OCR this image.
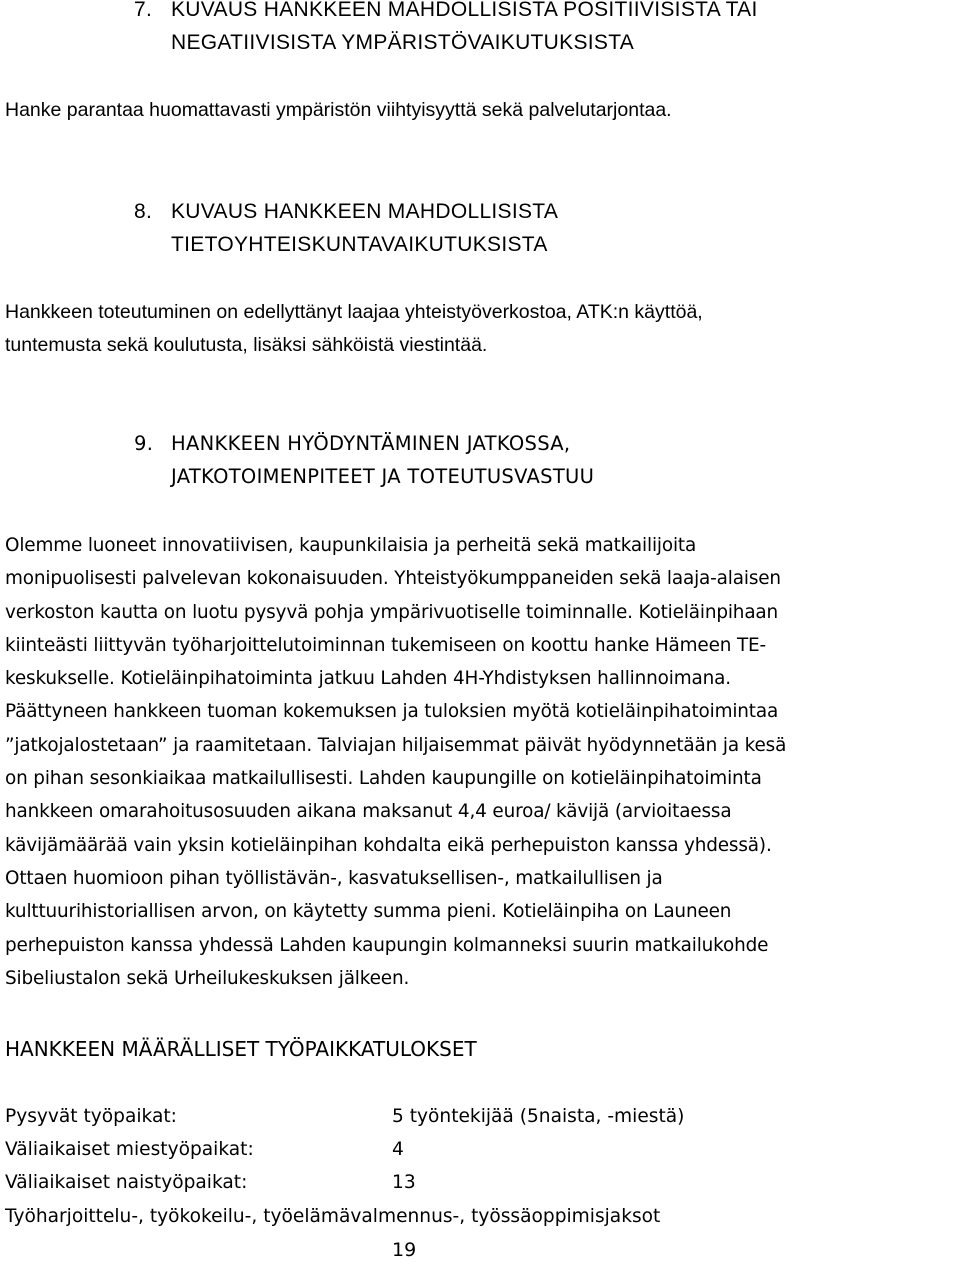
7. KUVAUS HANKKEEN MAHDOLLISISTA POSITIIVISISTA TAI
NEGATIIVISISTA YMPÄRISTÖVAIKUTUKSISTA
Hanke parantaa huomattavasti ympäristön viihtyisyyttä sekä palvelutarjontaa.
8. KUVAUS HANKKEEN MAHDOLLISISTA
TIETOYHTEISKUNTAVAIKUTUKSISTA
Hankkeen toteutuminen on edellyttänyt laajaa yhteistyöverkostoa, ATK:n käyttöä,
tuntemusta sekä koulutusta, lisäksi sähköistä viestintää.
9. HANKKEEN HYÖDYNTÄMINEN JATKOSSA,
JATKOTOIMENPITEET JA TOTEUTUSVASTUU
Olemme luoneet innovatiivisen, kaupunkilaisia ja perheitä sekä matkailijoita
monipuolisesti palvelevan kokonaisuuden. Yhteistyökumppaneiden sekä laaja-alaisen
verkoston kautta on luotu pysyvä pohja ympärivuotiselle toiminnalle. Kotieläinpihaan
kiinteästi liittyvän työharjoittelutoiminnan tukemiseen on koottu hanke Hämeen TE-
keskukselle. Kotieläinpihatoiminta jatkuu Lahden 4H-Yhdistyksen hallinnoimana.
Päättyneen hankkeen tuoman kokemuksen ja tuloksien myötä kotieläinpihatoimintaa
”jatkojalostetaan” ja raamitetaan. Talviajan hiljaisemmat päivät hyödynnetään ja kesä
on pihan sesonkiaikaa matkailullisesti. Lahden kaupungille on kotieläinpihatoiminta
hankkeen omarahoitusosuuden aikana maksanut 4,4 euroa/ kävijä (arvioitaessa
kävijämäärää vain yksin kotieläinpihan kohdalta eikä perhepuiston kanssa yhdessä).
Ottaen huomioon pihan työllistävän-, kasvatuksellisen-, matkailullisen ja
kulttuurihistoriallisen arvon, on käytetty summa pieni. Kotieläinpiha on Launeen
perhepuiston kanssa yhdessä Lahden kaupungin kolmanneksi suurin matkailukohde
Sibeliustalon sekä Urheilukeskuksen jälkeen.
HANKKEEN MÄÄRÄLLISET TYÖPAIKKATULOKSET
Pysyvät työpaikat:	5 työntekijää (5naista, -miestä)
Väliaikaiset miestyöpaikat:	4
Väliaikaiset naistyöpaikat:	13
Työharjoittelu-, työkokeilu-, työelämävalmennus-, työssäoppimisjaksot
19
